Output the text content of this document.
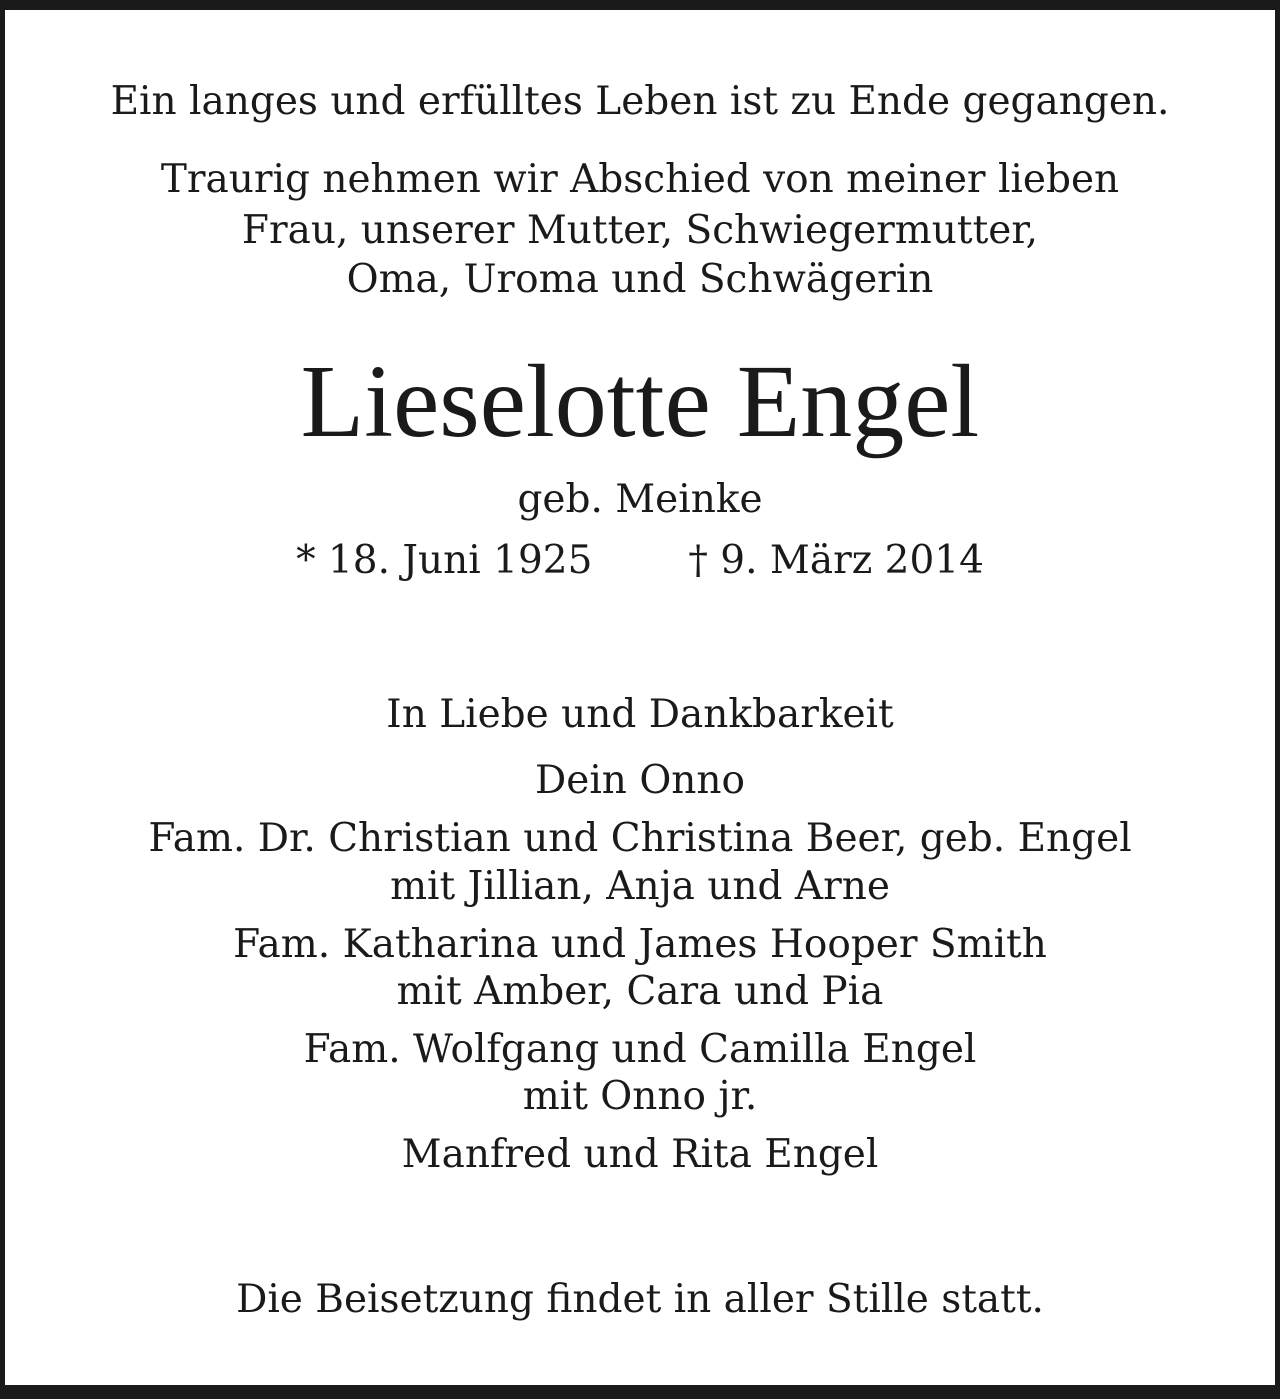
Ein langes und erfülltes Leben ist zu Ende gegangen.

Traurig nehmen wir Abschied von meiner lieben

Frau, unserer Mutter, Schwiegermutter,

Oma, Uroma und Schwägerin

Lieselotte Engel

geb. Meinke

* 18. Juni 1925 † 9. März 2014

In Liebe und Dankbarkeit

Dein Onno

Fam. Dr. Christian und Christina Beer, geb. Engel

mit Jillian, Anja und Arne

Fam. Katharina und James Hooper Smith

mit Amber, Cara und Pia

Fam. Wolfgang und Camilla Engel

mit Onno jr.

Manfred und Rita Engel

Die Beisetzung findet in aller Stille statt.
